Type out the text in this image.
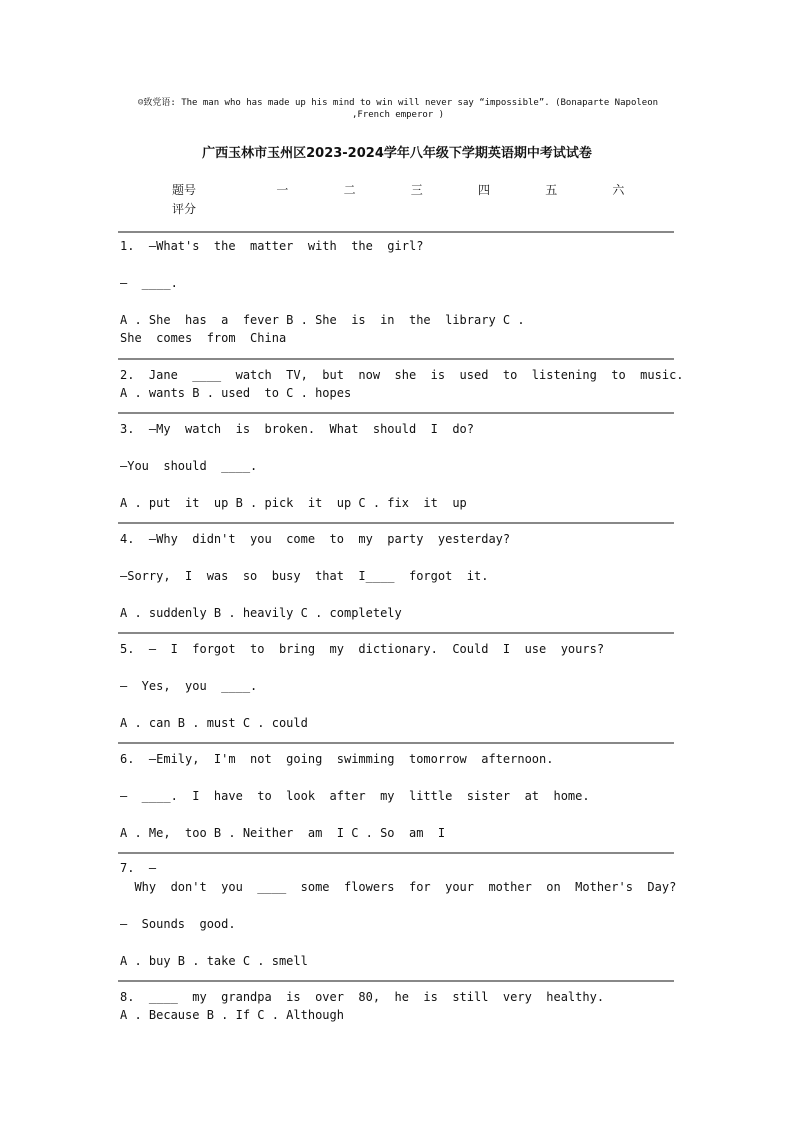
☺致党语: The man who has made up his mind to win will never say “impossible”. (Bonaparte Napoleon ,French emperor )
广西玉林市玉州区2023-2024学年八年级下学期英语期中考试试卷
题号	一	二	三	四	五	六
评分
1.  —What's  the  matter  with  the  girl?
—  ____.
A . She  has  a  fever B . She  is  in  the  library C .
She  comes  from  China
2.  Jane  ____  watch  TV,  but  now  she  is  used  to  listening  to  music.
A . wants B . used  to C . hopes
3.  —My  watch  is  broken.  What  should  I  do?
—You  should  ____.
A . put  it  up B . pick  it  up C . fix  it  up
4.  —Why  didn't  you  come  to  my  party  yesterday?
—Sorry,  I  was  so  busy  that  I____  forgot  it.
A . suddenly B . heavily C . completely
5.  —  I  forgot  to  bring  my  dictionary.  Could  I  use  yours?
—  Yes,  you  ____.
A . can B . must C . could
6.  —Emily,  I'm  not  going  swimming  tomorrow  afternoon.
—  ____.  I  have  to  look  after  my  little  sister  at  home.
A . Me,  too B . Neither  am  I C . So  am  I
7.  —
Why  don't  you  ____  some  flowers  for  your  mother  on  Mother's  Day?
—  Sounds  good.
A . buy B . take C . smell
8.  ____  my  grandpa  is  over  80,  he  is  still  very  healthy.
A . Because B . If C . Although
